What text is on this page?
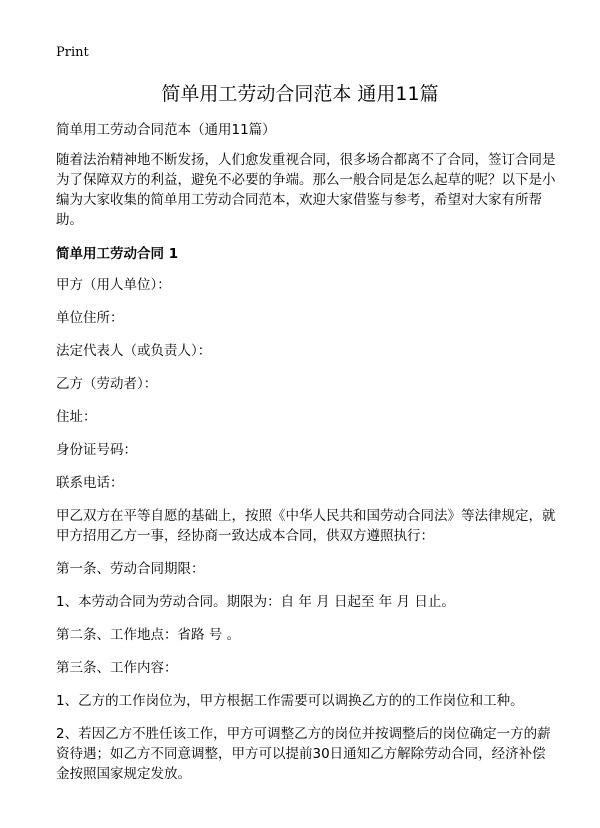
Print
简单用工劳动合同范本 通用11篇

简单用工劳动合同范本（通用11篇）

随着法治精神地不断发扬，人们愈发重视合同，很多场合都离不了合同，签订合同是为了保障双方的利益，避免不必要的争端。那么一般合同是怎么起草的呢？以下是小编为大家收集的简单用工劳动合同范本，欢迎大家借鉴与参考，希望对大家有所帮助。

简单用工劳动合同 1

甲方（用人单位）：

单位住所：

法定代表人（或负责人）：

乙方（劳动者）：

住址：

身份证号码：

联系电话：

甲乙双方在平等自愿的基础上，按照《中华人民共和国劳动合同法》等法律规定，就甲方招用乙方一事，经协商一致达成本合同，供双方遵照执行：

第一条、劳动合同期限：

1、本劳动合同为劳动合同。期限为：自 年 月 日起至 年 月 日止。

第二条、工作地点：省路 号 。

第三条、工作内容：

1、乙方的工作岗位为，甲方根据工作需要可以调换乙方的的工作岗位和工种。

2、若因乙方不胜任该工作，甲方可调整乙方的岗位并按调整后的岗位确定一方的薪资待遇；如乙方不同意调整，甲方可以提前30日通知乙方解除劳动合同，经济补偿金按照国家规定发放。
